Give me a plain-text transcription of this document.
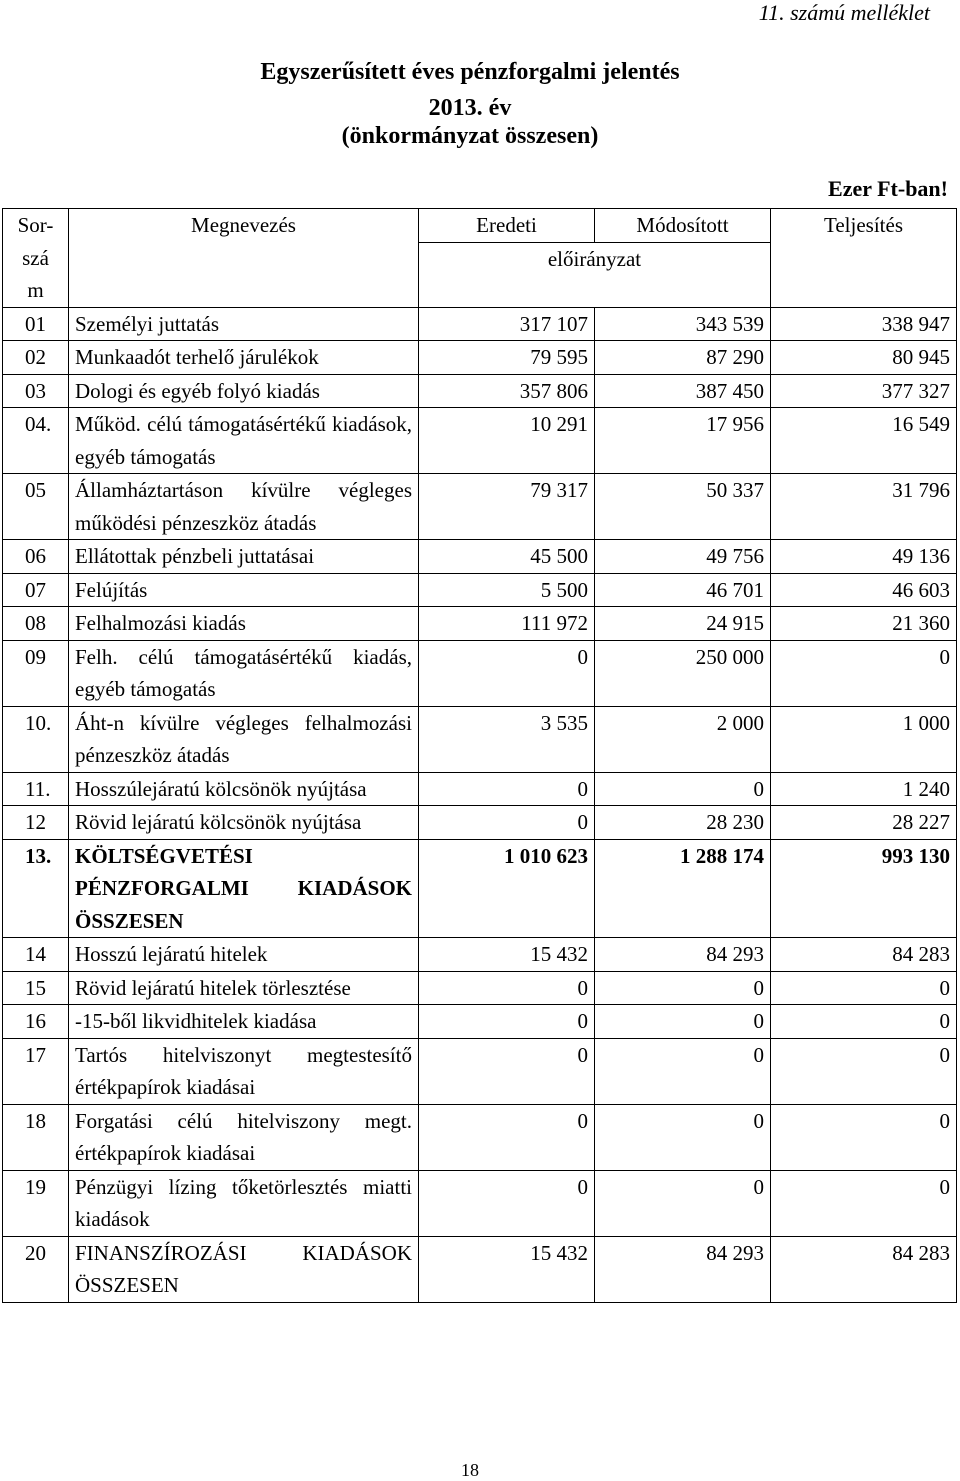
11. számú melléklet
Egyszerűsített éves pénzforgalmi jelentés
2013. év
(önkormányzat összesen)
Ezer Ft-ban!
Sor-
szá
m	Megnevezés	Eredeti	Módosított	Teljesítés
		előirányzat		

01	Személyi juttatás	317 107	343 539	338 947
02	Munkaadót terhelő járulékok	79 595	87 290	80 945
03	Dologi és egyéb folyó kiadás	357 806	387 450	377 327
04.	Működ. célú támogatásértékű kiadások, egyéb támogatás	10 291	17 956	16 549
05	Államháztartáson kívülre végleges működési pénzeszköz átadás	79 317	50 337	31 796
06	Ellátottak pénzbeli juttatásai	45 500	49 756	49 136
07	Felújítás	5 500	46 701	46 603
08	Felhalmozási kiadás	111 972	24 915	21 360
09	Felh. célú támogatásértékű kiadás, egyéb támogatás	0	250 000	0
10.	Áht-n kívülre végleges felhalmozási pénzeszköz átadás	3 535	2 000	1 000
11.	Hosszúlejáratú kölcsönök nyújtása	0	0	1 240
12	Rövid lejáratú kölcsönök nyújtása	0	28 230	28 227
13.	KÖLTSÉGVETÉSI PÉNZFORGALMI KIADÁSOK ÖSSZESEN	1 010 623	1 288 174	993 130
14	Hosszú lejáratú hitelek	15 432	84 293	84 283
15	Rövid lejáratú hitelek törlesztése	0	0	0
16	-15-ből likvidhitelek kiadása	0	0	0
17	Tartós hitelviszonyt megtestesítő értékpapírok kiadásai	0	0	0
18	Forgatási célú hitelviszony megt. értékpapírok kiadásai	0	0	0
19	Pénzügyi lízing tőketörlesztés miatti kiadások	0	0	0
20	FINANSZÍROZÁSI KIADÁSOK ÖSSZESEN	15 432	84 293	84 283
18
